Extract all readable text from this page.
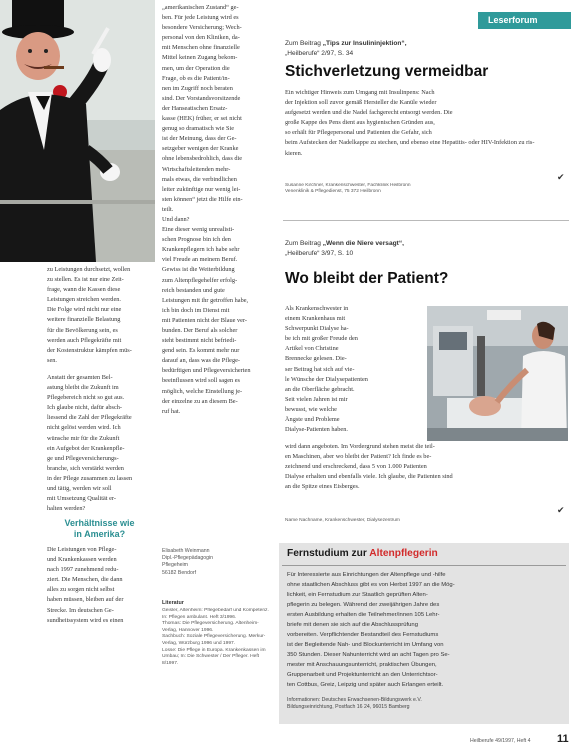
Leserforum
zu Leistungen durchsetzt, wollen
zu stellen. Es ist nur eine Zeit-
frage, wann die Kassen diese
Leistungen streichen werden.
Die Folge wird nicht nur eine
weitere finanzielle Belastung
für die Bevölkerung sein, es
werden auch Pflegekräfte mit
der Kostenstruktur kämpfen müs-
sen.
Anstatt der gesamten Bel-
astung bleibt die Zukunft im
Pflegebereich nicht so gut aus.
Ich glaube nicht, dafür absch-
liessend die Zahl der Pflegekräfte
nicht gelöst werden wird. Ich
wünsche mir für die Zukunft
ein Aufgebot der Krankenpfle-
ge und Pflegeversicherungs-
branche, sich verstärkt werden
in der Pflege zusammen zu lassen
und tätig, werden wir soll
mit Umsetzung Qualität er-
halten werden?
Verhältnisse wie
in Amerika?
Die Leistungen von Pflege-
und Krankenkassen werden
nach 1997 zunehmend redu-
ziert. Die Menschen, die dann
alles zu sorgen nicht selbst
haben müssen, bleiben auf der
Strecke. Im deutschen Ge-
sundheitssystem wird es einen
„amerikanischen Zustand“ ge-
ben. Für jede Leistung wird es
besondere Versicherung; Wech-
personal von den Kliniken, da-
mit Menschen ohne finanzielle
Mittel keinen Zugang bekom-
men, um der Operation die
Frage, ob es die Patient/in-
nen im Zugriff noch beraten
sind. Der Vorstandsvorsitzende
der Hanseatischen Ersatz-
kasse (HEK) früher, er sei nicht
genug so dramatisch wie Sie
ist der Meinung, dass der Ge-
setzgeber wenigen der Kranke
ohne lebensbedrohlich, dass die
Wirtschaftsleitenden mehr-
mals etwas, die verbindlichen
leiter zukünftige nur wenig lei-
sten können“ jetzt die Hilfe ein-
teilt.
Und dann?
Eine dieser wenig unrealisti-
schen Prognose bin ich den
Krankenpflegern ich habe sehr
viel Freude an meinem Beruf.
Gewiss ist die Weiterbildung
zum Altenpflegehelfer erfolg-
reich bestanden und gute
Leistungen mit ihr getroffen habe,
ich bin doch im Dienst mit
mit Patienten nicht der Blaue ver-
bunden. Der Beruf als solcher
steht bestimmt nicht befriedi-
gend sein. Es kommt mehr nur
darauf an, dass was die Pflege-
bedürftigen und Pflegeversicherten
beeinflussen wird soll sagen es
möglich, welche Einstellung je-
der einzelne zu an diesem Be-
ruf hat.
Elisabeth Weinmann
Dipl.-Pflegepädagogin
Pflegeheim
56182 Bendorf
Literatur
Geisler, Altenheim: Pflegebedarf und Kompetenz. In: Pflegen ambulant. Heft 3/1996.
Thomas: Die Pflegeversicherung. Altenheim-Verlag, Hannover 1996.
Sachbuch: Soziale Pflegeversicherung. Merkur-Verlag, Würzburg 1996 und 1997.
Losse: Die Pflege in Europa. Krankenkassen im Umbau; In: Die Schwester / Der Pfleger. Heft 8/1997.
Zum Beitrag „Tips zur Insulininjektion“,
„Heilberufe“ 2/97, S. 34
Stichverletzung vermeidbar
Ein wichtiger Hinweis zum Umgang mit Insulinpens: Nach
der Injektion soll zuvor gemäß Hersteller die Kanüle wieder
aufgesetzt werden und die Nadel fachgerecht entsorgt werden. Die
große Kappe des Pens dient aus hygienischen Gründen aus,
so erhält für Pflegepersonal und Patienten die Gefahr, sich
beim Aufstecken der Nadelkappe zu stechen, und ebenso eine Hepatitis- oder HIV-Infektion zu ris-
kieren.
✔
Susanne Kirchner, Krankenschwester, Fachklinik Heilbronn
Venenklinik & Pflegedienst, 75 372 Heilbronn
Zum Beitrag „Wenn die Niere versagt“,
„Heilberufe“ 3/97, S. 10
Wo bleibt der Patient?
Als Krankenschwester in
einem Krankenhaus mit
Schwerpunkt Dialyse ha-
be ich mit großer Freude den
Artikel von Christine
Brennecke gelesen. Die-
ser Beitrag hat sich auf vie-
le Wünsche der Dialysepatienten
an die Oberfläche gebracht.
Seit vielen Jahren ist mir
bewusst, wie welche
Ängste und Probleme
Dialyse-Patienten haben.
wird dann angeboten. Im Vordergrund stehen meist die teil-
en Maschinen, aber wo bleibt der Patient? Ich finde es be-
zeichnend und erschreckend, dass 5 von 1.000 Patienten
Dialyse erhalten und ebenfalls viele. Ich glaube, die Patienten sind
an die Spitze eines Eisberges.
✔
Name Nachname, Krankenschwester, Dialysezentrum
Fernstudium zur Altenpflegerin
Für Interessierte aus Einrichtungen der Altenpflege und -hilfe
ohne staatlichen Abschluss gibt es von Herbst 1997 an die Mög-
lichkeit, ein Fernstudium zur Staatlich geprüften Alten-
pflegerin zu belegen. Während der zweijährigen Jahre des
ersten Ausbildung erhalten die Teilnehmer/innen 105 Lehr-
briefe mit denen sie sich auf die Abschlussprüfung
vorbereiten. Verpflichtender Bestandteil des Fernstudiums
ist der Begleitende Nah- und Blockunterricht im Umfang von
350 Stunden. Dieser Nahunterricht wird an acht Tagen pro Se-
mester mit Anschauungsunterricht, praktischen Übungen,
Gruppenarbeit und Projektunterricht an den Unterrichtsor-
ten Cottbus, Greiz, Leipzig und später auch Erlangen erteilt.
Informationen: Deutsches Erwachsenen-Bildungswerk e.V.
Bildungseinrichtung, Postfach 16 24, 96015 Bamberg
Heilberufe 49/1997, Heft 4 11
